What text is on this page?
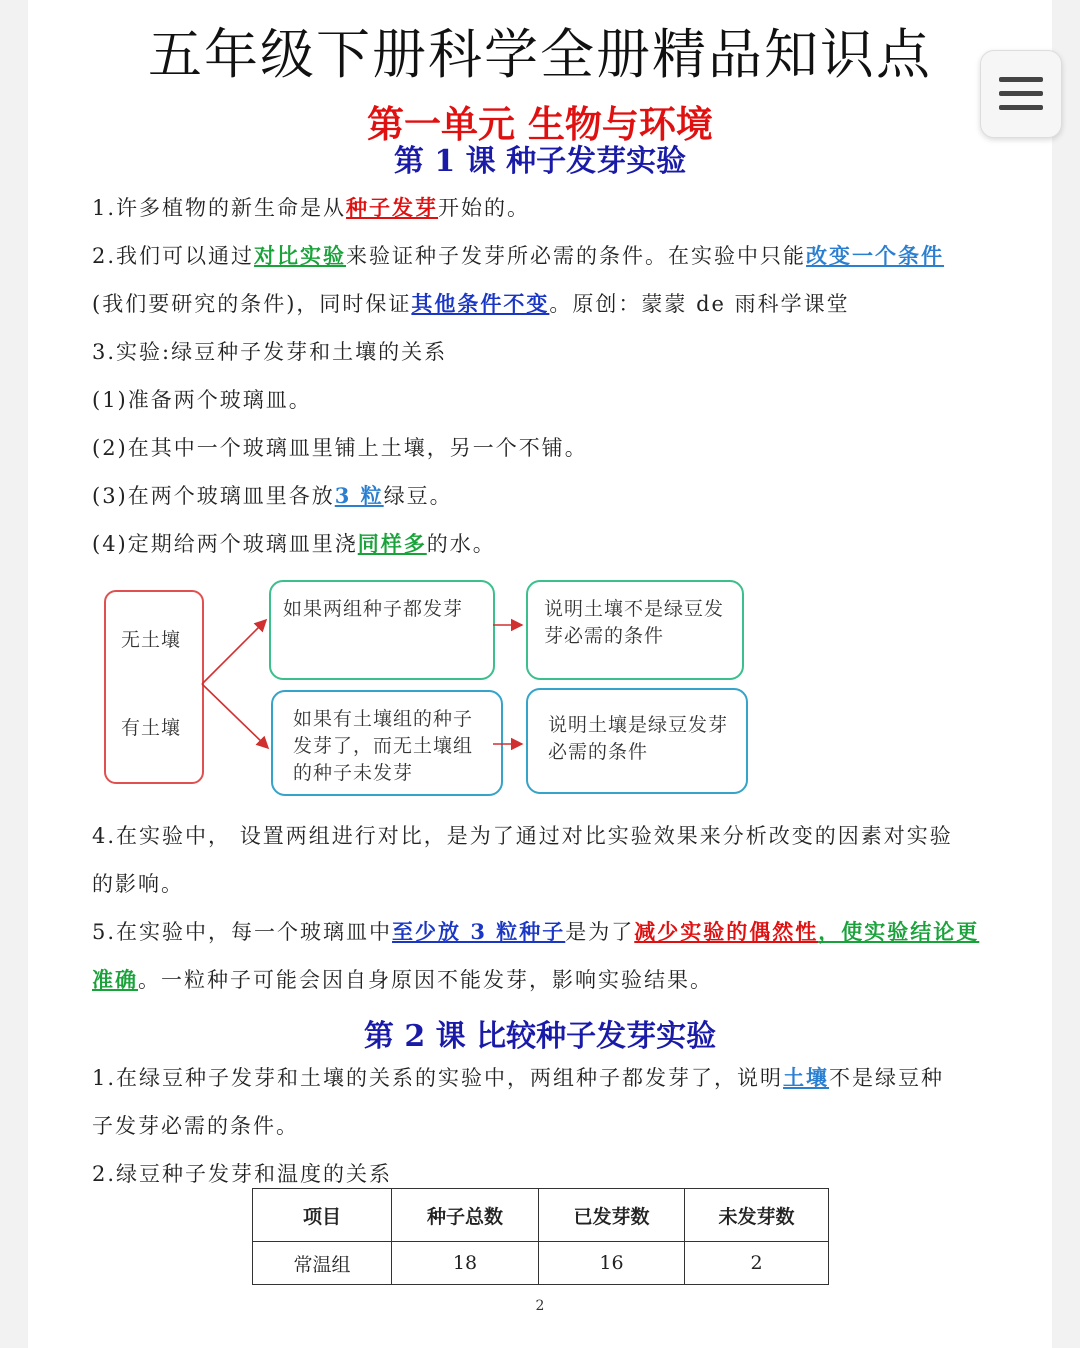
五年级下册科学全册精品知识点
第一单元 生物与环境
第 1 课 种子发芽实验
1.许多植物的新生命是从种子发芽开始的。
2.我们可以通过对比实验来验证种子发芽所必需的条件。在实验中只能改变一个条件
(我们要研究的条件)，同时保证其他条件不变。原创：蒙蒙 de 雨科学课堂
3.实验:绿豆种子发芽和土壤的关系
(1)准备两个玻璃皿。
(2)在其中一个玻璃皿里铺上土壤，另一个不铺。
(3)在两个玻璃皿里各放3 粒绿豆。
(4)定期给两个玻璃皿里浇同样多的水。
无土壤
有土壤
如果两组种子都发芽
如果有土壤组的种子发芽了，而无土壤组的种子未发芽
说明土壤不是绿豆发芽必需的条件
说明土壤是绿豆发芽必需的条件
4.在实验中， 设置两组进行对比，是为了通过对比实验效果来分析改变的因素对实验
的影响。
5.在实验中，每一个玻璃皿中至少放 3 粒种子是为了减少实验的偶然性，使实验结论更
准确。一粒种子可能会因自身原因不能发芽，影响实验结果。
第 2 课 比较种子发芽实验
1.在绿豆种子发芽和土壤的关系的实验中，两组种子都发芽了，说明土壤不是绿豆种
子发芽必需的条件。
2.绿豆种子发芽和温度的关系
项目	种子总数	已发芽数	未发芽数
常温组	18	16	2
2
